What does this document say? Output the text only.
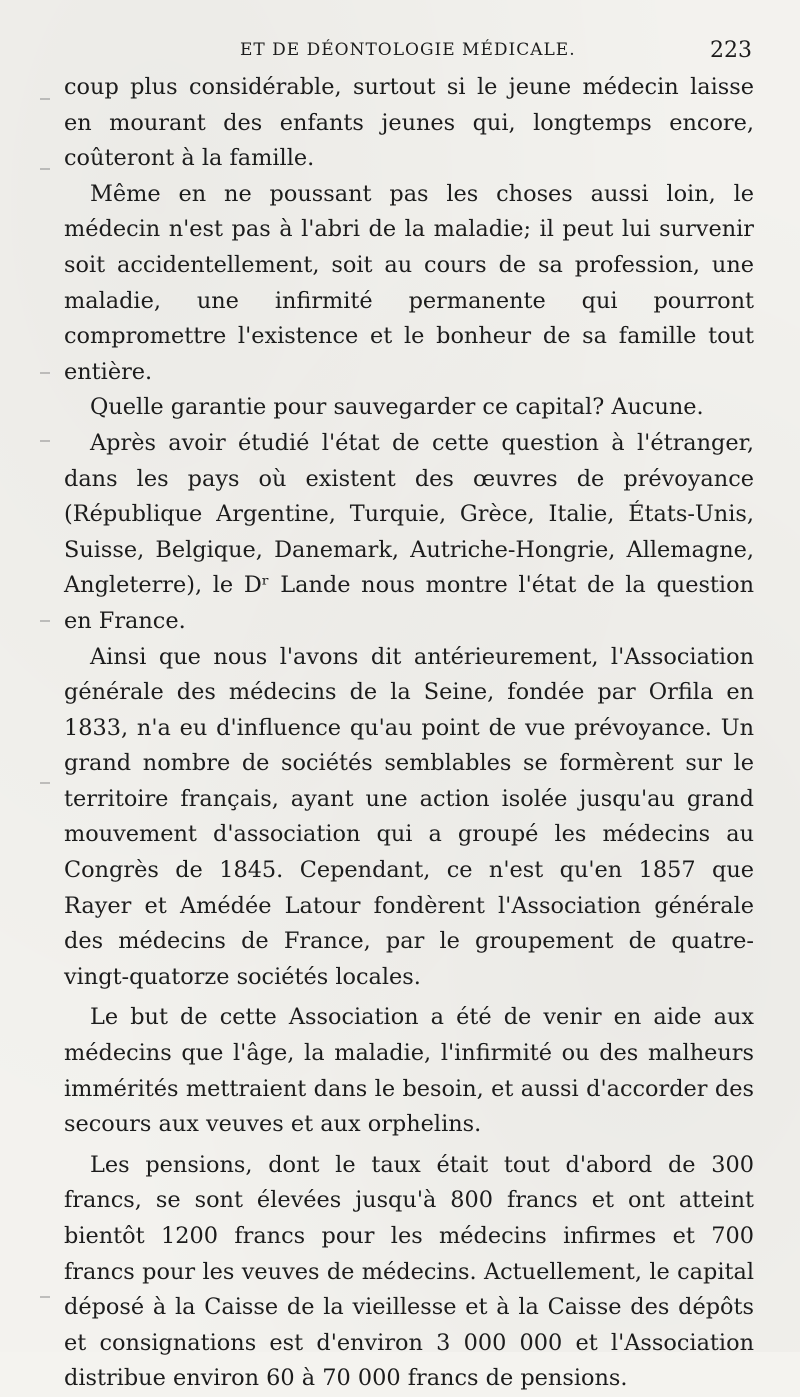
ET DE DÉONTOLOGIE MÉDICALE.	223

coup plus considérable, surtout si le jeune médecin laisse en mourant des enfants jeunes qui, longtemps encore, coûteront à la famille.

Même en ne poussant pas les choses aussi loin, le médecin n'est pas à l'abri de la maladie; il peut lui survenir soit accidentellement, soit au cours de sa profession, une maladie, une infirmité permanente qui pourront compromettre l'existence et le bonheur de sa famille tout entière.

Quelle garantie pour sauvegarder ce capital? Aucune.

Après avoir étudié l'état de cette question à l'étranger, dans les pays où existent des œuvres de prévoyance (République Argentine, Turquie, Grèce, Italie, États-Unis, Suisse, Belgique, Danemark, Autriche-Hongrie, Allemagne, Angleterre), le Dʳ Lande nous montre l'état de la question en France.

Ainsi que nous l'avons dit antérieurement, l'Association générale des médecins de la Seine, fondée par Orfila en 1833, n'a eu d'influence qu'au point de vue prévoyance. Un grand nombre de sociétés semblables se formèrent sur le territoire français, ayant une action isolée jusqu'au grand mouvement d'association qui a groupé les médecins au Congrès de 1845. Cependant, ce n'est qu'en 1857 que Rayer et Amédée Latour fondèrent l'Association générale des médecins de France, par le groupement de quatre-vingt-quatorze sociétés locales.

Le but de cette Association a été de venir en aide aux médecins que l'âge, la maladie, l'infirmité ou des malheurs immérités mettraient dans le besoin, et aussi d'accorder des secours aux veuves et aux orphelins.

Les pensions, dont le taux était tout d'abord de 300 francs, se sont élevées jusqu'à 800 francs et ont atteint bientôt 1200 francs pour les médecins infirmes et 700 francs pour les veuves de médecins. Actuellement, le capital déposé à la Caisse de la vieillesse et à la Caisse des dépôts et consignations est d'environ 3 000 000 et l'Association distribue environ 60 à 70 000 francs de pensions.
